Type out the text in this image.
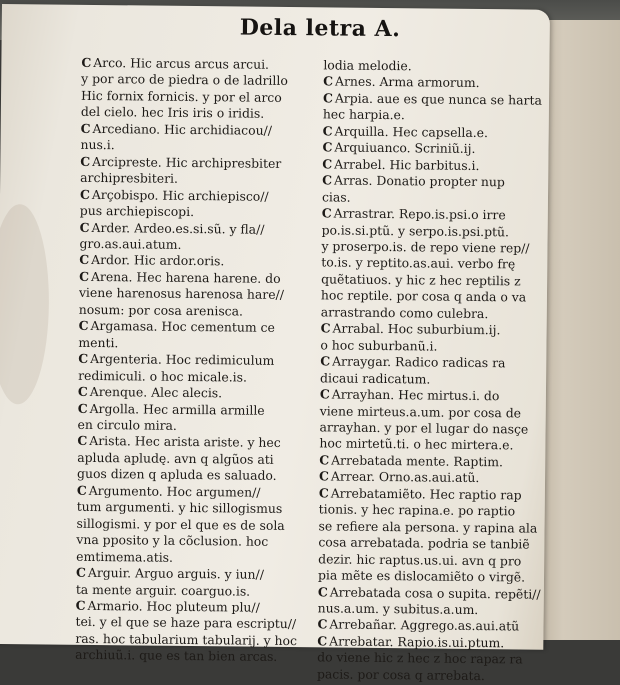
Dela letra A.
C Arco. Hic arcus arcus arcui.
y por arco de piedra o de ladrillo
Hic fornix fornicis. y por el arco
del cielo. hec Iris iris o iridis.
C Arcediano. Hic archidiacou//
nus.i.
C Arcipreste. Hic archipresbiter
archipresbiteri.
C Arçobispo. Hic archiepisco//
pus archiepiscopi.
C Arder. Ardeo.es.si.sũ. y fla//
gro.as.aui.atum.
C Ardor. Hic ardor.oris.
C Arena. Hec harena harene. do
viene harenosus harenosa hare//
nosum: por cosa arenisca.
C Argamasa. Hoc cementum ce
menti.
C Argenteria. Hoc redimiculum
redimiculi. o hoc micale.is.
C Arenque. Alec alecis.
C Argolla. Hec armilla armille
en circulo mira.
C Arista. Hec arista ariste. y hec
apluda apludę. avn q algũos ati
guos dizen q apluda es saluado.
C Argumento. Hoc argumen//
tum argumenti. y hic sillogismus
sillogismi. y por el que es de sola
vna pposito y la cõclusion. hoc
emtimema.atis.
C Arguir. Arguo arguis. y iun//
ta mente arguir. coarguo.is.
C Armario. Hoc pluteum plu//
tei. y el que se haze para escriptu//
ras. hoc tabularium tabularij. y hoc
archiuũ.i. que es tan bien arcas.
lodia melodie.
C Arnes. Arma armorum.
C Arpia. aue es que nunca se harta
hec harpia.e.
C Arquilla. Hec capsella.e.
C Arquiuanco. Scriniũ.ij.
C Arrabel. Hic barbitus.i.
C Arras. Donatio propter nup
cias.
C Arrastrar. Repo.is.psi.o irre
po.is.si.ptũ. y serpo.is.psi.ptũ.
y proserpo.is. de repo viene rep//
to.is. y reptito.as.aui. verbo frę
quẽtatiuos. y hic z hec reptilis z
hoc reptile. por cosa q anda o va
arrastrando como culebra.
C Arrabal. Hoc suburbium.ij.
o hoc suburbanũ.i.
C Arraygar. Radico radicas ra
dicaui radicatum.
C Arrayhan. Hec mirtus.i. do
viene mirteus.a.um. por cosa de
arrayhan. y por el lugar do nasçe
hoc mirtetũ.ti. o hec mirtera.e.
C Arrebatada mente. Raptim.
C Arrear. Orno.as.aui.atũ.
C Arrebatamiẽto. Hec raptio rap
tionis. y hec rapina.e. po raptio
se refiere ala persona. y rapina ala
cosa arrebatada. podria se tanbiẽ
dezir. hic raptus.us.ui. avn q pro
pia mẽte es dislocamiẽto o virgẽ.
C Arrebatada cosa o supita. repẽti//
nus.a.um. y subitus.a.um.
C Arrebañar. Aggrego.as.aui.atũ
C Arrebatar. Rapio.is.ui.ptum.
do viene hic z hec z hoc rapaz ra
pacis. por cosa q arrebata.
